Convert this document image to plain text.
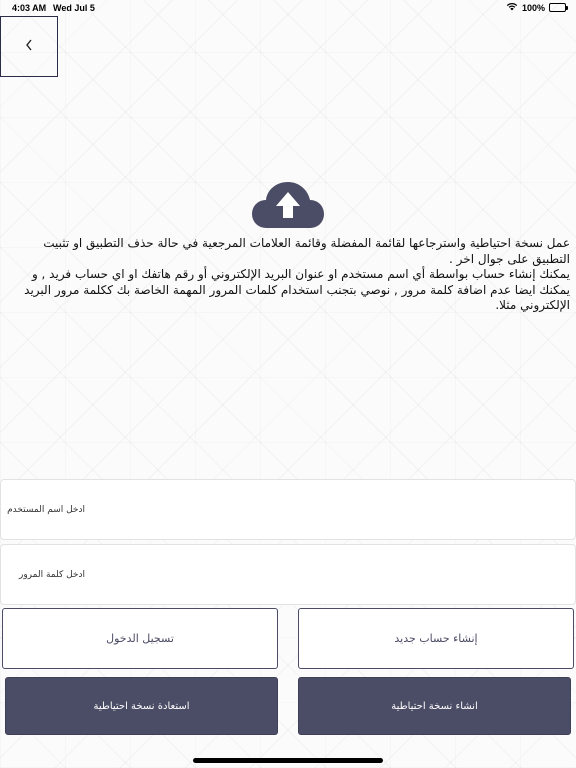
4:03 AM Wed Jul 5	100%

عمل نسخة احتياطية واسترجاعها لقائمة المفضلة وقائمة العلامات المرجعية في حالة حذف التطبيق او تثبيت التطبيق على جوال اخر .

يمكنك إنشاء حساب بواسطة أي اسم مستخدم او عنوان البريد الإلكتروني أو رقم هاتفك او اي حساب فريد , و يمكنك ايضا عدم اضافة كلمة مرور , نوصي بتجنب استخدام كلمات المرور المهمة الخاصة بك ككلمة مرور البريد الإلكتروني مثلا.

ادخل اسم المستخدم
تسجيل الدخول	إنشاء حساب جديد
استعادة نسخة احتياطية	انشاء نسخة احتياطية
